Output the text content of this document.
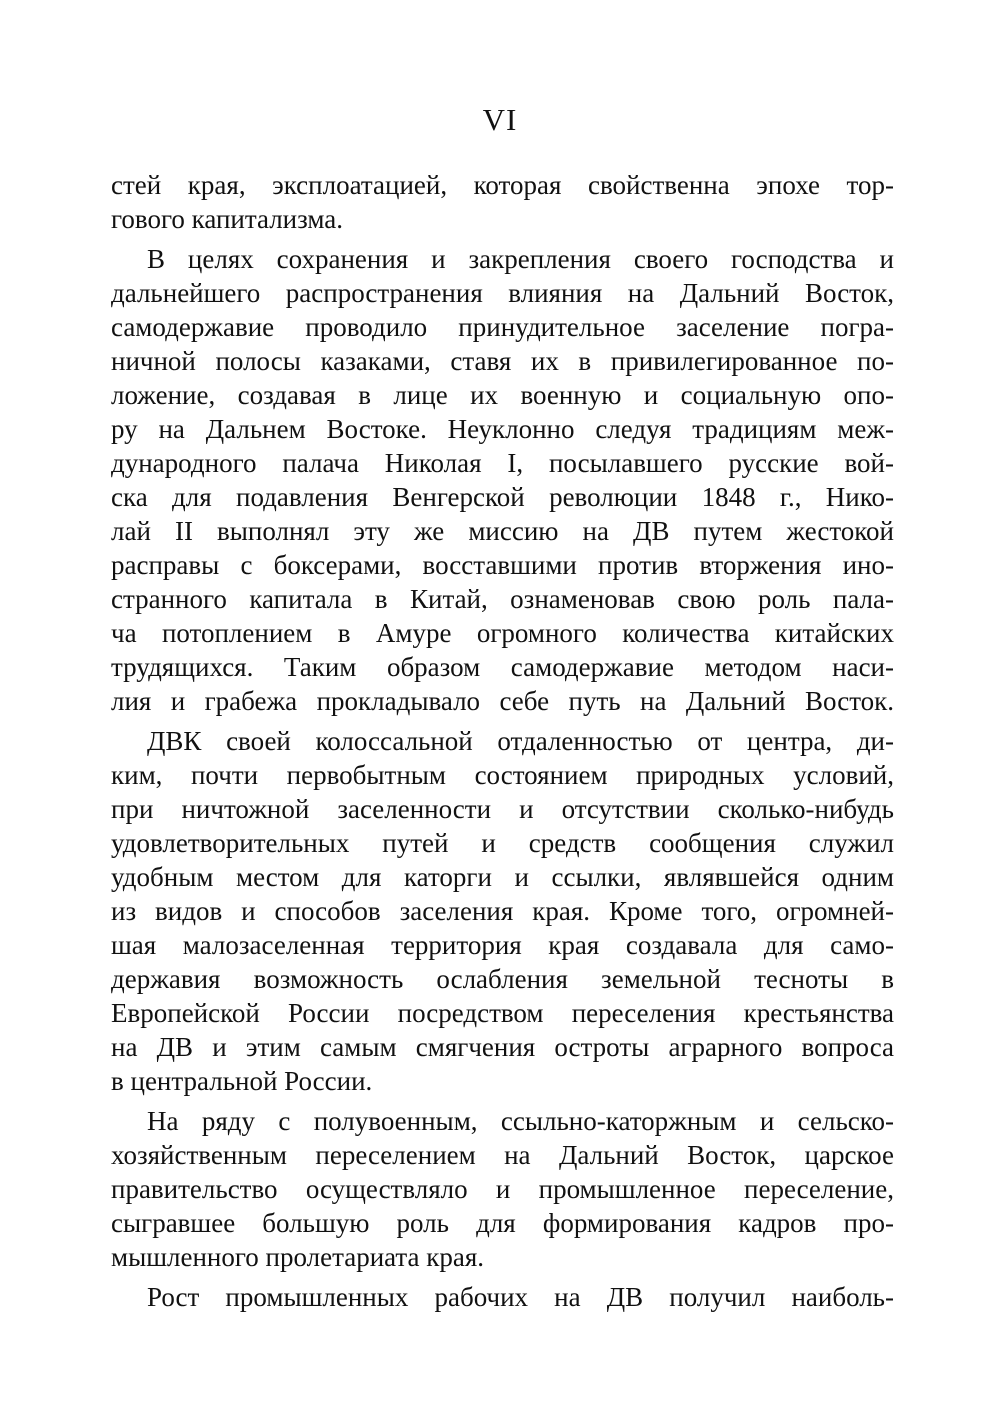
VI
стей края, эксплоатацией, которая свойственна эпохе тор-
гового капитализма.
В целях сохранения и закрепления своего господства и
дальнейшего распространения влияния на Дальний Восток,
самодержавие проводило принудительное заселение погра-
ничной полосы казаками, ставя их в привилегированное по-
ложение, создавая в лице их военную и социальную опо-
ру на Дальнем Востоке. Неуклонно следуя традициям меж-
дународного палача Николая I, посылавшего русские вой-
ска для подавления Венгерской революции 1848 г., Нико-
лай II выполнял эту же миссию на ДВ путем жестокой
расправы с боксерами, восставшими против вторжения ино-
странного капитала в Китай, ознаменовав свою роль пала-
ча потоплением в Амуре огромного количества китайских
трудящихся. Таким образом самодержавие методом наси-
лия и грабежа прокладывало себе путь на Дальний Восток.
ДВК своей колоссальной отдаленностью от центра, ди-
ким, почти первобытным состоянием природных условий,
при ничтожной заселенности и отсутствии сколько-нибудь
удовлетворительных путей и средств сообщения служил
удобным местом для каторги и ссылки, являвшейся одним
из видов и способов заселения края. Кроме того, огромней-
шая малозаселенная территория края создавала для само-
державия возможность ослабления земельной тесноты в
Европейской России посредством переселения крестьянства
на ДВ и этим самым смягчения остроты аграрного вопроса
в центральной России.
На ряду с полувоенным, ссыльно-каторжным и сельско-
хозяйственным переселением на Дальний Восток, царское
правительство осуществляло и промышленное переселение,
сыгравшее большую роль для формирования кадров про-
мышленного пролетариата края.
Рост промышленных рабочих на ДВ получил наиболь-
